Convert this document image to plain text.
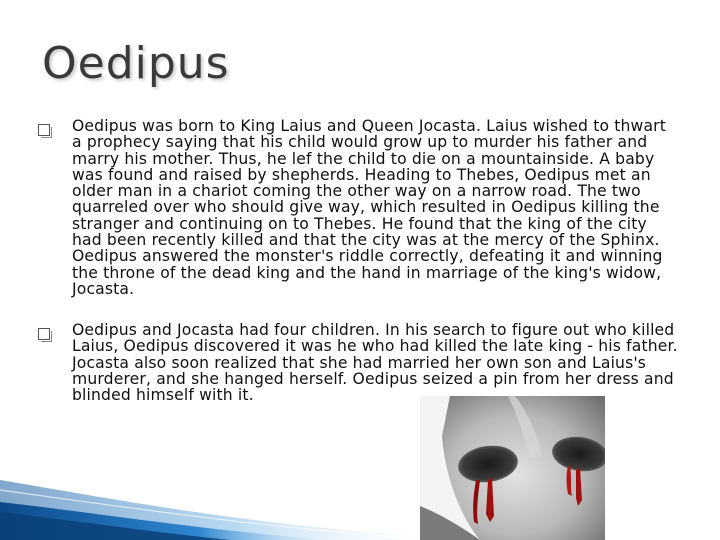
Oedipus

Oedipus was born to King Laius and Queen Jocasta. Laius wished to thwart a prophecy saying that his child would grow up to murder his father and marry his mother. Thus, he lef the child to die on a mountainside. A baby was found and raised by shepherds. Heading to Thebes, Oedipus met an older man in a chariot coming the other way on a narrow road. The two quarreled over who should give way, which resulted in Oedipus killing the stranger and continuing on to Thebes. He found that the king of the city had been recently killed and that the city was at the mercy of the Sphinx. Oedipus answered the monster's riddle correctly, defeating it and winning the throne of the dead king and the hand in marriage of the king's widow, Jocasta.

Oedipus and Jocasta had four children. In his search to figure out who killed Laius, Oedipus discovered it was he who had killed the late king - his father. Jocasta also soon realized that she had married her own son and Laius's murderer, and she hanged herself. Oedipus seized a pin from her dress and blinded himself with it.
